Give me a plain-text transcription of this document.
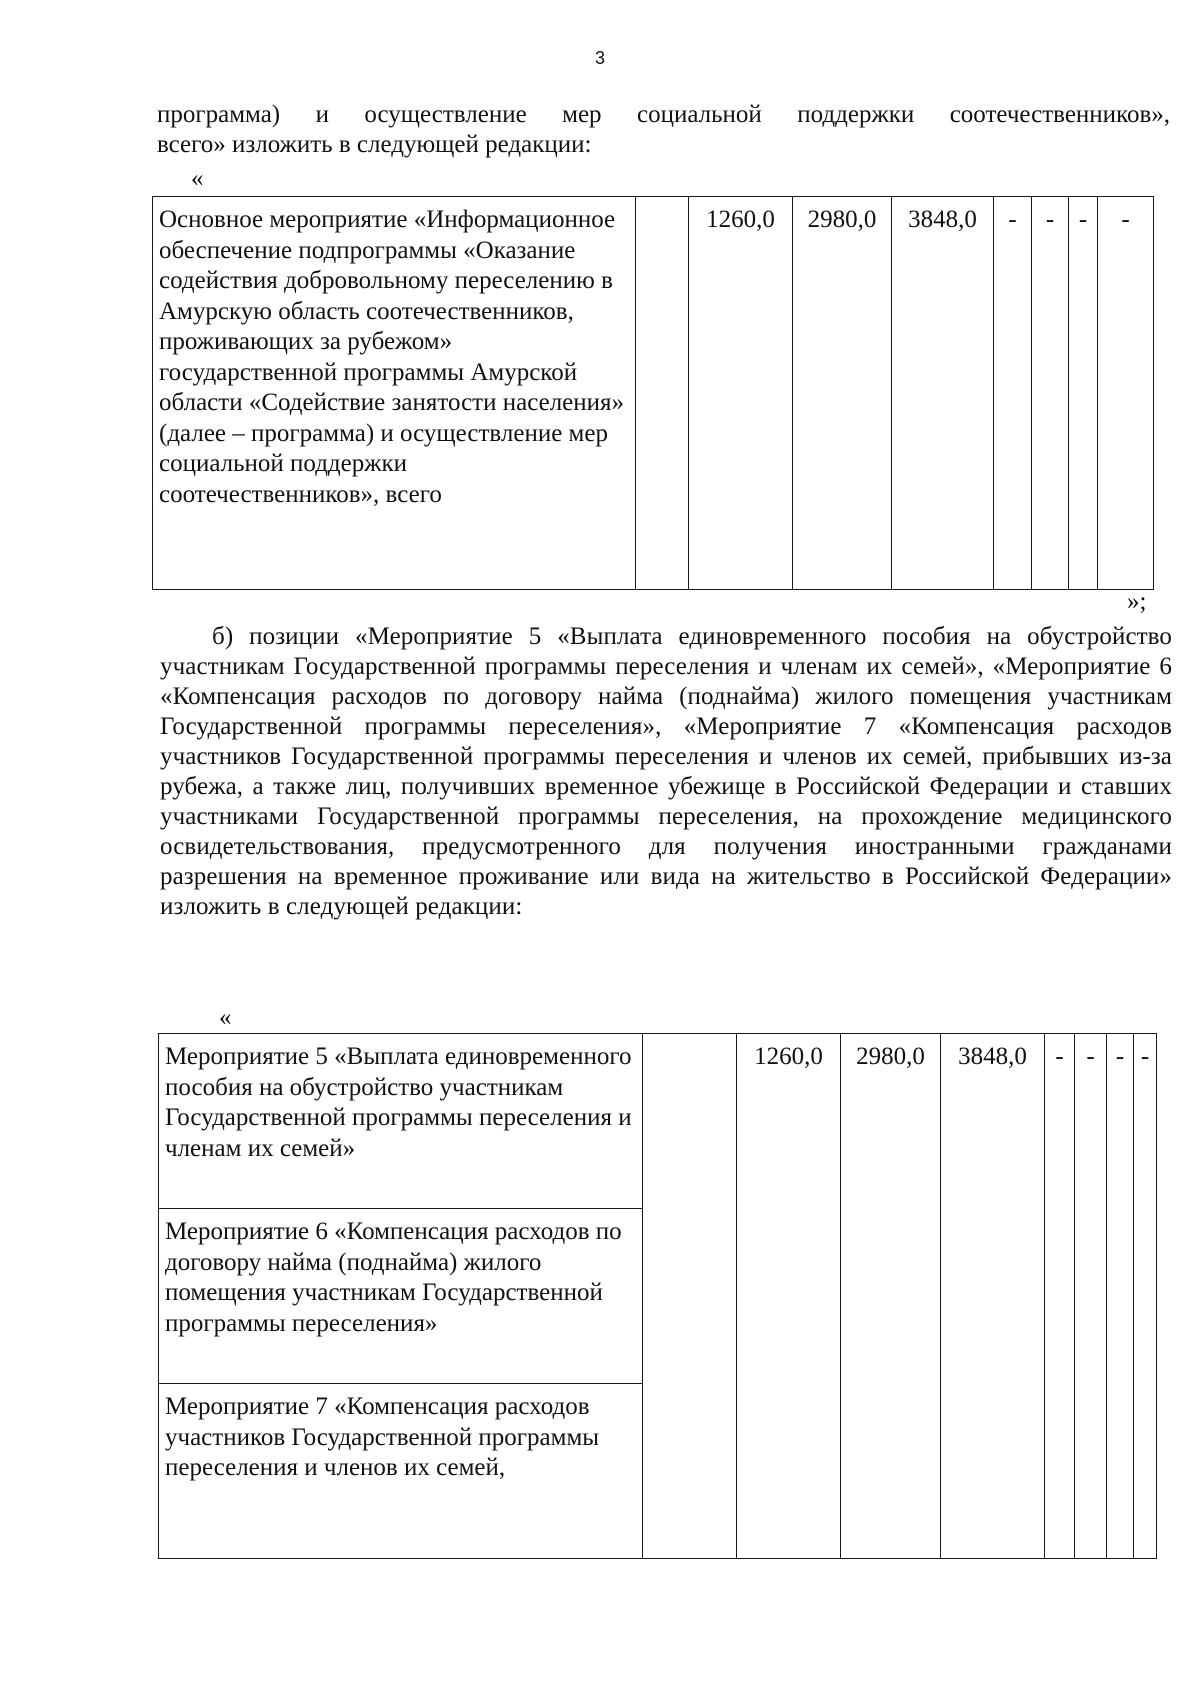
3

программа) и осуществление мер социальной поддержки соотечественников»,
всего» изложить в следующей редакции:

«
Основное мероприятие «Информационное обеспечение подпрограммы «Оказание содействия добровольному переселению в Амурскую область соотечественников, проживающих за рубежом» государственной программы Амурской области «Содействие занятости населения» (далее – программа) и осуществление мер социальной поддержки соотечественников», всего		1260,0	2980,0	3848,0	-	-	-	-
»;

б) позиции «Мероприятие 5 «Выплата единовременного пособия на обустройство участникам Государственной программы переселения и членам их семей», «Мероприятие 6 «Компенсация расходов по договору найма (поднайма) жилого помещения участникам Государственной программы переселения», «Мероприятие 7 «Компенсация расходов участников Государственной программы переселения и членов их семей, прибывших из-за рубежа, а также лиц, получивших временное убежище в Российской Федерации и ставших участниками Государственной программы переселения, на прохождение медицинского освидетельствования, предусмотренного для получения иностранными гражданами разрешения на временное проживание или вида на жительство в Российской Федерации» изложить в следующей редакции:

«
Мероприятие 5 «Выплата единовременного пособия на обустройство участникам Государственной программы переселения и членам их семей»		1260,0	2980,0	3848,0	-	-	-	-
Мероприятие 6 «Компенсация расходов по договору найма (поднайма) жилого помещения участникам Государственной программы переселения»
Мероприятие 7 «Компенсация расходов участников Государственной программы переселения и членов их семей,
